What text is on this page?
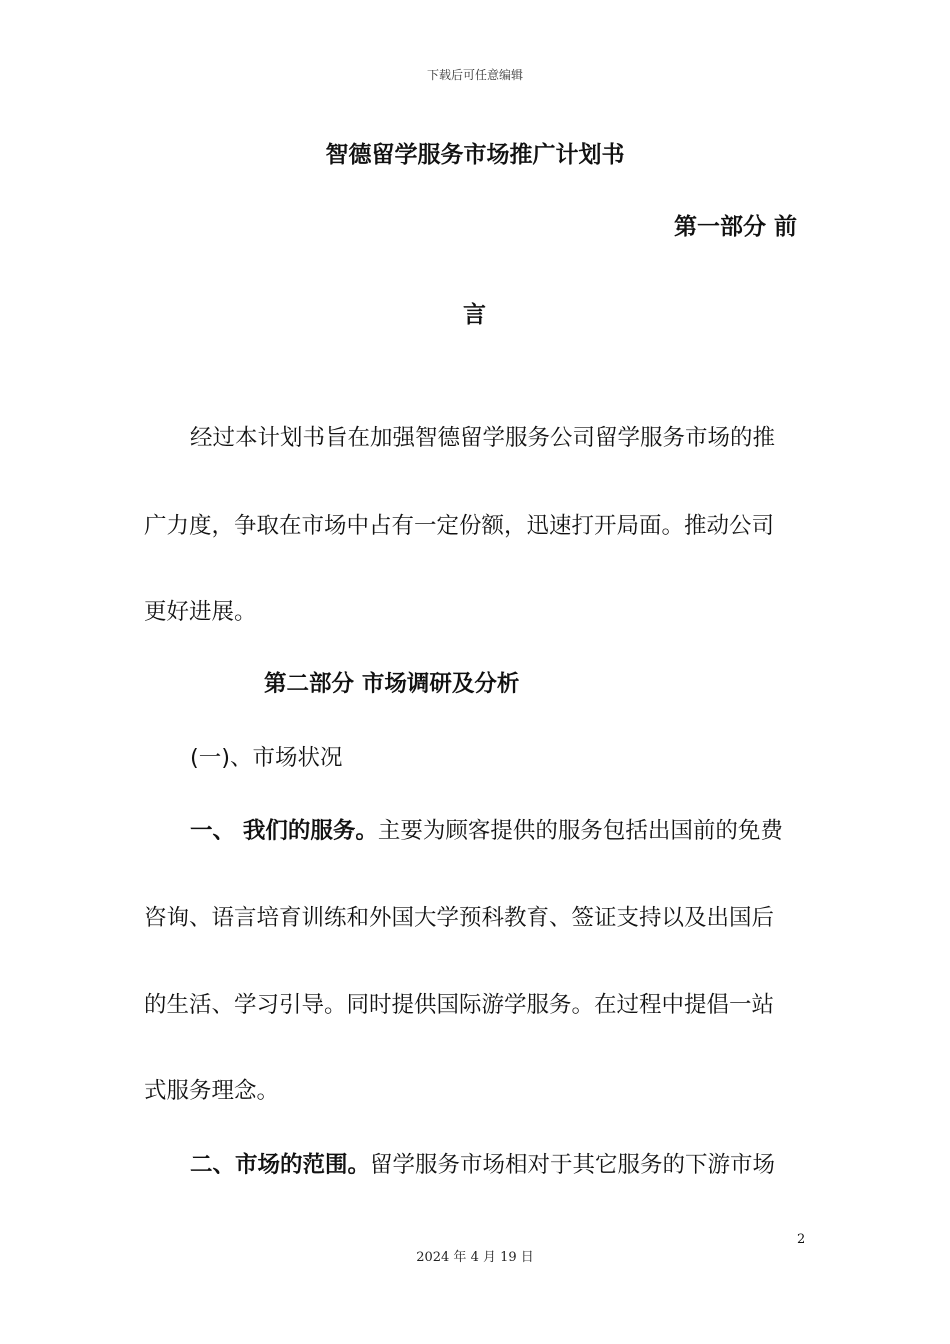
下载后可任意编辑
智德留学服务市场推广计划书
第一部分 前
言
经过本计划书旨在加强智德留学服务公司留学服务市场的推
广力度，争取在市场中占有一定份额，迅速打开局面。推动公司
更好进展。
第二部分 市场调研及分析
(一)、市场状况
一、 我们的服务。主要为顾客提供的服务包括出国前的免费
咨询、语言培育训练和外国大学预科教育、签证支持以及出国后
的生活、学习引导。同时提供国际游学服务。在过程中提倡一站
式服务理念。
二、市场的范围。留学服务市场相对于其它服务的下游市场
2
2024 年 4 月 19 日
